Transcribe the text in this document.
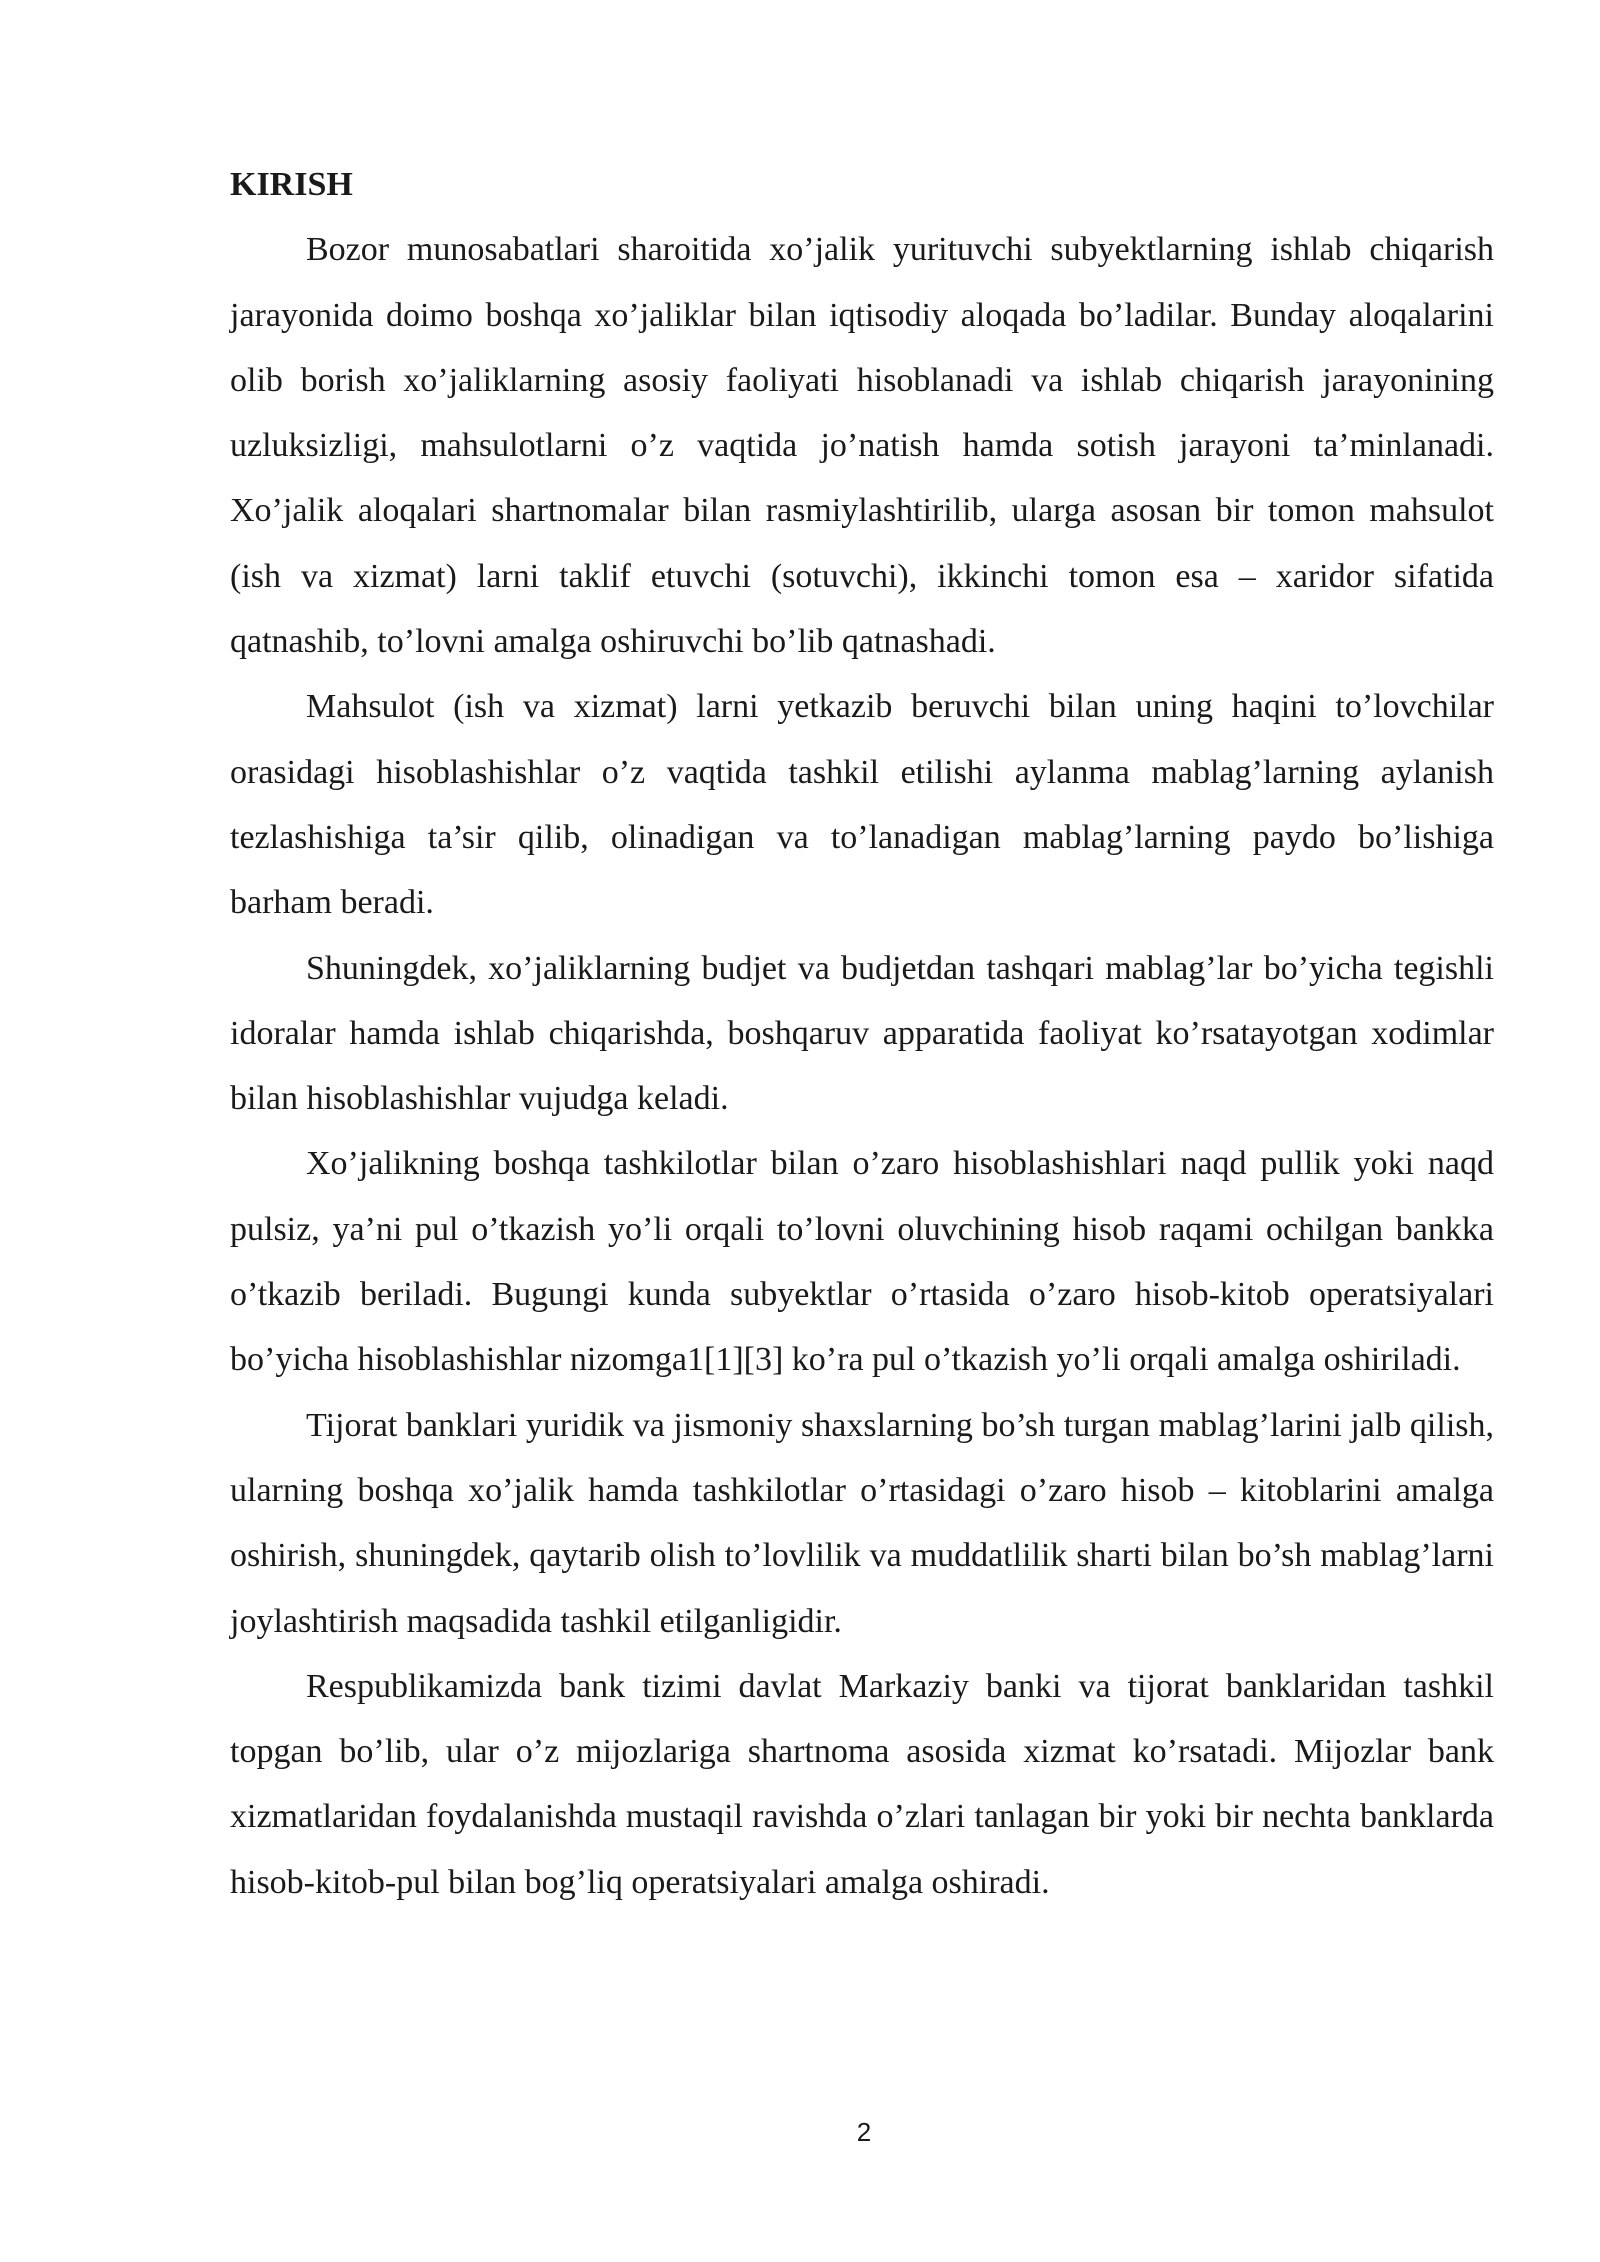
KIRISH

Bozor munosabatlari sharoitida xo’jalik yurituvchi subyektlarning ishlab chiqarish jarayonida doimo boshqa xo’jaliklar bilan iqtisodiy aloqada bo’ladilar. Bunday aloqalarini olib borish xo’jaliklarning asosiy faoliyati hisoblanadi va ishlab chiqarish jarayonining uzluksizligi, mahsulotlarni o’z vaqtida jo’natish hamda sotish jarayoni ta’minlanadi. Xo’jalik aloqalari shartnomalar bilan rasmiylashtirilib, ularga asosan bir tomon mahsulot (ish va xizmat) larni taklif etuvchi (sotuvchi), ikkinchi tomon esa – xaridor sifatida qatnashib, to’lovni amalga oshiruvchi bo’lib qatnashadi.

Mahsulot (ish va xizmat) larni yetkazib beruvchi bilan uning haqini to’lovchilar orasidagi hisoblashishlar o’z vaqtida tashkil etilishi aylanma mablag’larning aylanish tezlashishiga ta’sir qilib, olinadigan va to’lanadigan mablag’larning paydo bo’lishiga barham beradi.

Shuningdek, xo’jaliklarning budjet va budjetdan tashqari mablag’lar bo’yicha tegishli idoralar hamda ishlab chiqarishda, boshqaruv apparatida faoliyat ko’rsatayotgan xodimlar bilan hisoblashishlar vujudga keladi.

Xo’jalikning boshqa tashkilotlar bilan o’zaro hisoblashishlari naqd pullik yoki naqd pulsiz, ya’ni pul o’tkazish yo’li orqali to’lovni oluvchining hisob raqami ochilgan bankka o’tkazib beriladi. Bugungi kunda subyektlar o’rtasida o’zaro hisob-kitob operatsiyalari bo’yicha hisoblashishlar nizomga1[1][3] ko’ra pul o’tkazish yo’li orqali amalga oshiriladi.

Tijorat banklari yuridik va jismoniy shaxslarning bo’sh turgan mablag’larini jalb qilish, ularning boshqa xo’jalik hamda tashkilotlar o’rtasidagi o’zaro hisob – kitoblarini amalga oshirish, shuningdek, qaytarib olish to’lovlilik va muddatlilik sharti bilan bo’sh mablag’larni joylashtirish maqsadida tashkil etilganligidir.

Respublikamizda bank tizimi davlat Markaziy banki va tijorat banklaridan tashkil topgan bo’lib, ular o’z mijozlariga shartnoma asosida xizmat ko’rsatadi. Mijozlar bank xizmatlaridan foydalanishda mustaqil ravishda o’zlari tanlagan bir yoki bir nechta banklarda hisob-kitob-pul bilan bog’liq operatsiyalari amalga oshiradi.

2
